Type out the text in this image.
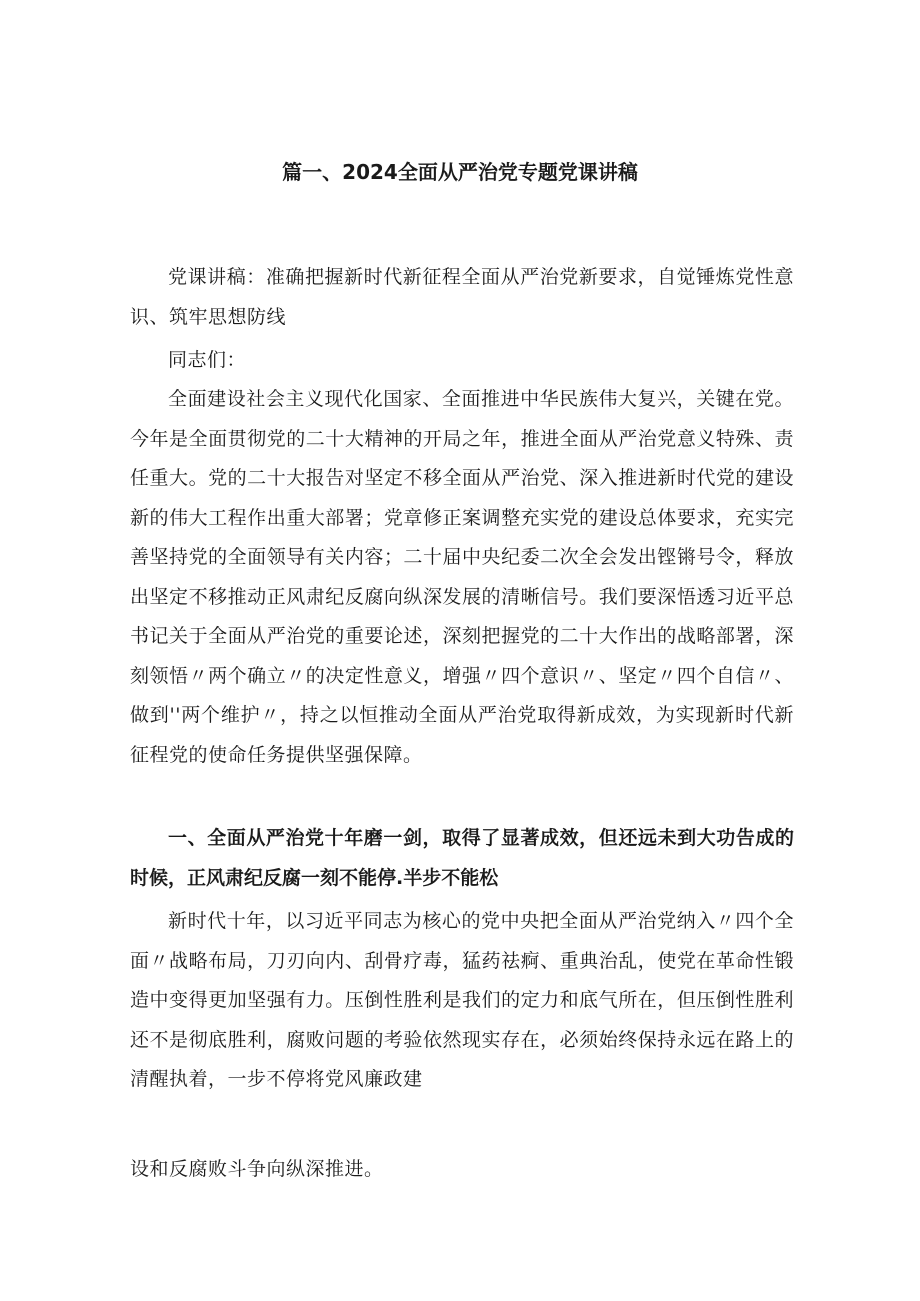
篇一、2024全面从严治党专题党课讲稿

党课讲稿：准确把握新时代新征程全面从严治党新要求，自觉锤炼党性意识、筑牢思想防线

同志们：

全面建设社会主义现代化国家、全面推进中华民族伟大复兴，关键在党。今年是全面贯彻党的二十大精神的开局之年，推进全面从严治党意义特殊、责任重大。党的二十大报告对坚定不移全面从严治党、深入推进新时代党的建设新的伟大工程作出重大部署；党章修正案调整充实党的建设总体要求，充实完善坚持党的全面领导有关内容；二十届中央纪委二次全会发出铿锵号令，释放出坚定不移推动正风肃纪反腐向纵深发展的清晰信号。我们要深悟透习近平总书记关于全面从严治党的重要论述，深刻把握党的二十大作出的战略部署，深刻领悟〃两个确立〃的决定性意义，增强〃四个意识〃、坚定〃四个自信〃、做到''两个维护〃，持之以恒推动全面从严治党取得新成效，为实现新时代新征程党的使命任务提供坚强保障。

一、全面从严治党十年磨一剑，取得了显著成效，但还远未到大功告成的时候，正风肃纪反腐一刻不能停.半步不能松

新时代十年，以习近平同志为核心的党中央把全面从严治党纳入〃四个全面〃战略布局，刀刃向内、刮骨疗毒，猛药祛痾、重典治乱，使党在革命性锻造中变得更加坚强有力。压倒性胜利是我们的定力和底气所在，但压倒性胜利还不是彻底胜利，腐败问题的考验依然现实存在，必须始终保持永远在路上的清醒执着，一步不停将党风廉政建

设和反腐败斗争向纵深推进。
